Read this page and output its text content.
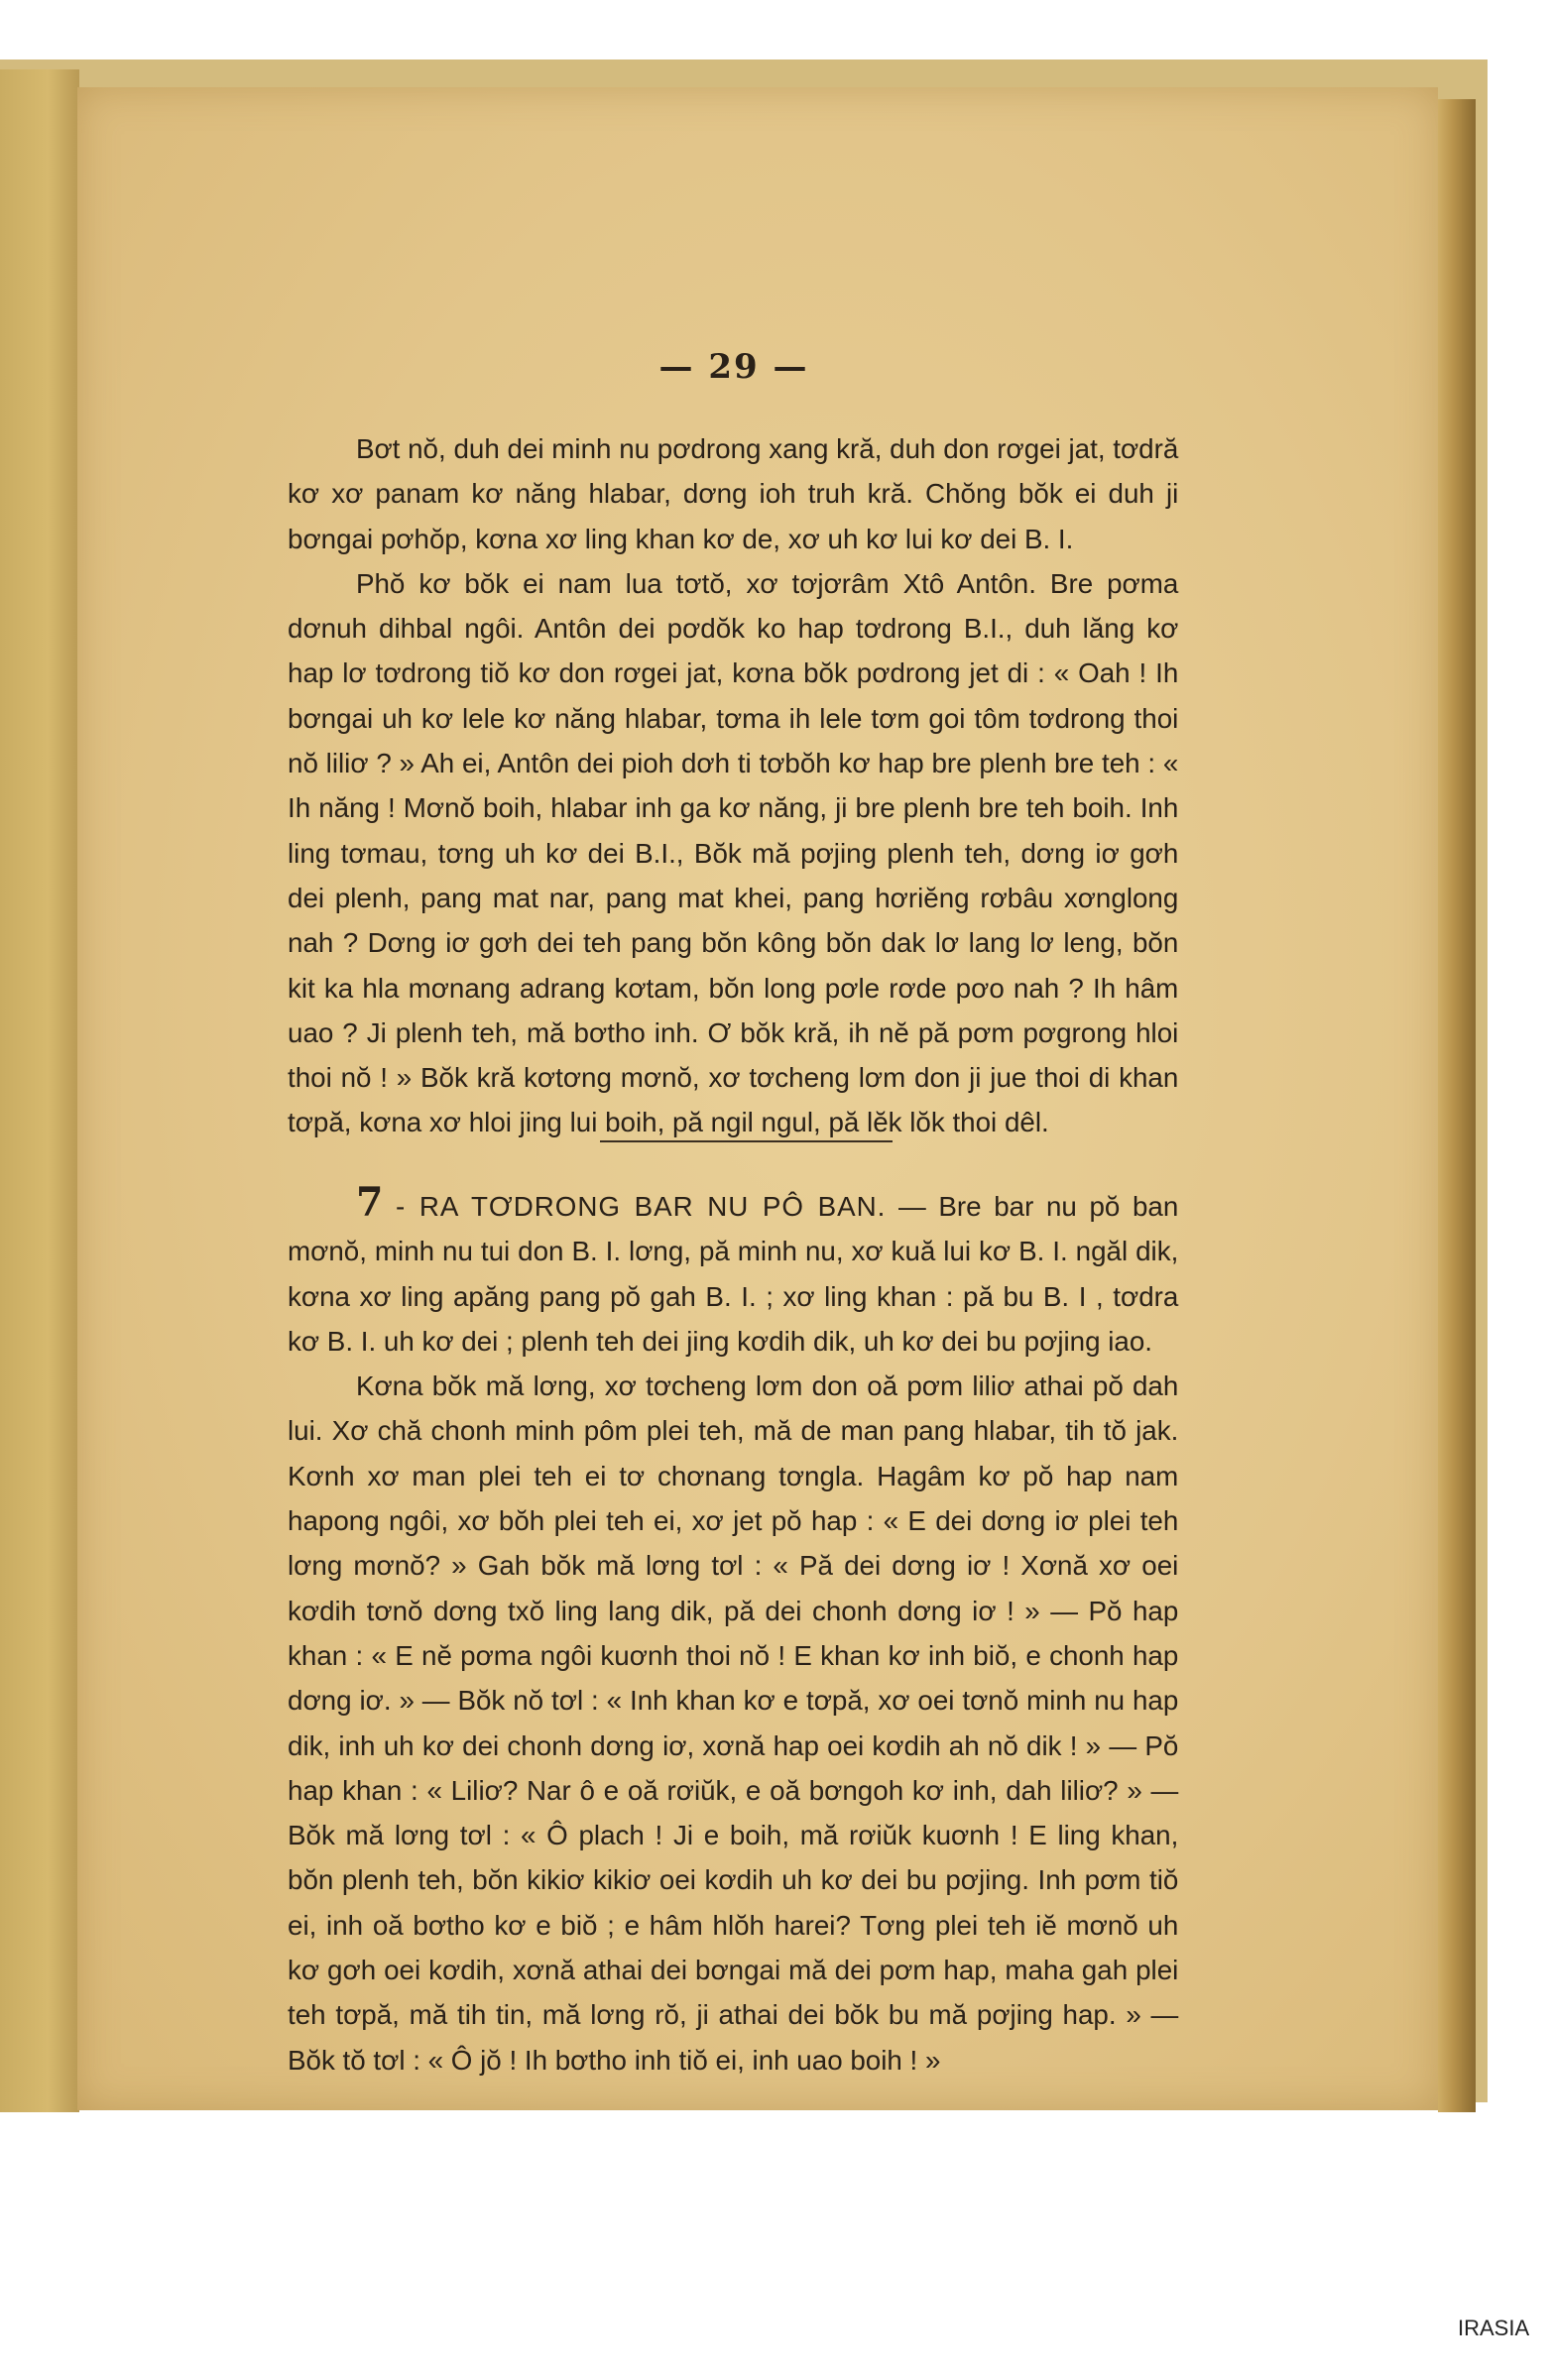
— 29 —

Bơt nŏ, duh dei minh nu pơdrong xang kră, duh don rơgei jat, tơdră kơ xơ panam kơ năng hlabar, dơng ioh truh kră. Chŏng bŏk ei duh ji bơngai pơhŏp, kơna xơ ling khan kơ de, xơ uh kơ lui kơ dei B. I.

Phŏ kơ bŏk ei nam lua tơtŏ, xơ tơjơrâm Xtô Antôn. Bre pơma dơnuh dihbal ngôi. Antôn dei pơdŏk ko hap tơdrong B.I., duh lăng kơ hap lơ tơdrong tiŏ kơ don rơgei jat, kơna bŏk pơdrong jet di : « Oah ! Ih bơngai uh kơ lele kơ năng hlabar, tơma ih lele tơm goi tôm tơdrong thoi nŏ liliơ ? » Ah ei, Antôn dei pioh dơh ti tơbŏh kơ hap bre plenh bre teh : « Ih năng ! Mơnŏ boih, hlabar inh ga kơ năng, ji bre plenh bre teh boih. Inh ling tơmau, tơng uh kơ dei B.I., Bŏk mă pơjing plenh teh, dơng iơ gơh dei plenh, pang mat nar, pang mat khei, pang hơriĕng rơbâu xơnglong nah ? Dơng iơ gơh dei teh pang bŏn kông bŏn dak lơ lang lơ leng, bŏn kit ka hla mơnang adrang kơtam, bŏn long pơle rơde pơo nah ? Ih hâm uao ? Ji plenh teh, mă bơtho inh. Ơ bŏk kră, ih nĕ pă pơm pơgrong hloi thoi nŏ ! » Bŏk kră kơtơng mơnŏ, xơ tơcheng lơm don ji jue thoi di khan tơpă, kơna xơ hloi jing lui boih, pă ngil ngul, pă lĕk lŏk thoi dêl.

7 - RA TƠDRONG BAR NU PÔ BAN. — Bre bar nu pŏ ban mơnŏ, minh nu tui don B. I. lơng, pă minh nu, xơ kuă lui kơ B. I. ngăl dik, kơna xơ ling apăng pang pŏ gah B. I. ; xơ ling khan : pă bu B. I , tơdra kơ B. I. uh kơ dei ; plenh teh dei jing kơdih dik, uh kơ dei bu pơjing iao.

Kơna bŏk mă lơng, xơ tơcheng lơm don oă pơm liliơ athai pŏ dah lui. Xơ chă chonh minh pôm plei teh, mă de man pang hlabar, tih tŏ jak. Kơnh xơ man plei teh ei tơ chơnang tơngla. Hagâm kơ pŏ hap nam hapong ngôi, xơ bŏh plei teh ei, xơ jet pŏ hap : « E dei dơng iơ plei teh lơng mơnŏ? » Gah bŏk mă lơng tơl : « Pă dei dơng iơ ! Xơnă xơ oei kơdih tơnŏ dơng txŏ ling lang dik, pă dei chonh dơng iơ ! » — Pŏ hap khan : « E nĕ pơma ngôi kuơnh thoi nŏ ! E khan kơ inh biŏ, e chonh hap dơng iơ. » — Bŏk nŏ tơl : « Inh khan kơ e tơpă, xơ oei tơnŏ minh nu hap dik, inh uh kơ dei chonh dơng iơ, xơnă hap oei kơdih ah nŏ dik ! » — Pŏ hap khan : « Liliơ? Nar ô e oă rơiŭk, e oă bơngoh kơ inh, dah liliơ? » — Bŏk mă lơng tơl : « Ô plach ! Ji e boih, mă rơiŭk kuơnh ! E ling khan, bŏn plenh teh, bŏn kikiơ kikiơ oei kơdih uh kơ dei bu pơjing. Inh pơm tiŏ ei, inh oă bơtho kơ e biŏ ; e hâm hlŏh harei? Tơng plei teh iĕ mơnŏ uh kơ gơh oei kơdih, xơnă athai dei bơngai mă dei pơm hap, maha gah plei teh tơpă, mă tih tin, mă lơng rŏ, ji athai dei bŏk bu mă pơjing hap. » — Bŏk tŏ tơl : « Ô jŏ ! Ih bơtho inh tiŏ ei, inh uao boih ! »

IRASIA
